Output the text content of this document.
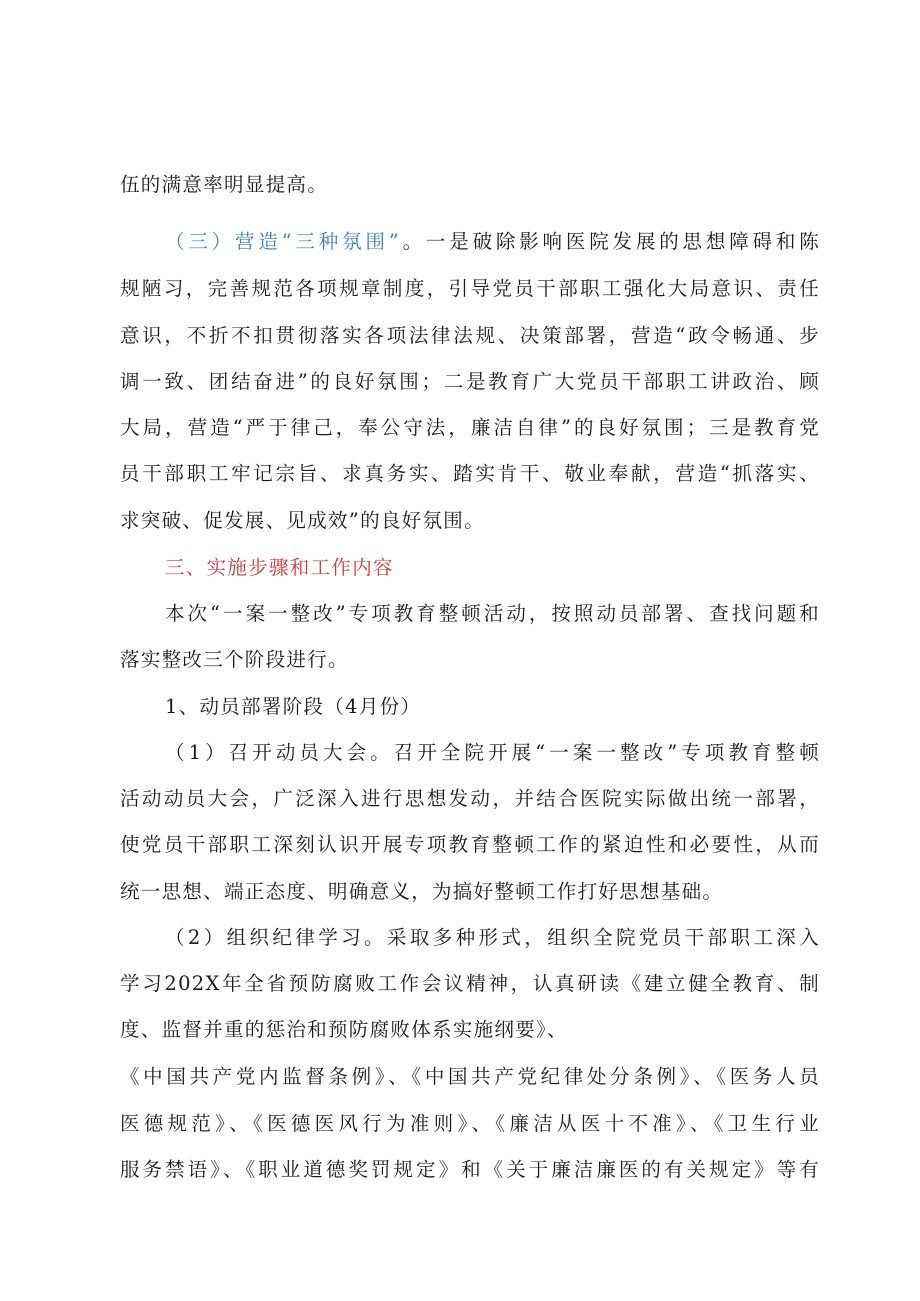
伍的满意率明显提高。
（三）营造“三种氛围”。一是破除影响医院发展的思想障碍和陈
规陋习，完善规范各项规章制度，引导党员干部职工强化大局意识、责任
意识，不折不扣贯彻落实各项法律法规、决策部署，营造“政令畅通、步
调一致、团结奋进”的良好氛围；二是教育广大党员干部职工讲政治、顾
大局，营造“严于律己，奉公守法，廉洁自律”的良好氛围；三是教育党
员干部职工牢记宗旨、求真务实、踏实肯干、敬业奉献，营造“抓落实、
求突破、促发展、见成效”的良好氛围。
三、实施步骤和工作内容
本次“一案一整改”专项教育整顿活动，按照动员部署、查找问题和
落实整改三个阶段进行。
1、动员部署阶段（4月份）
（1）召开动员大会。召开全院开展“一案一整改”专项教育整顿
活动动员大会，广泛深入进行思想发动，并结合医院实际做出统一部署，
使党员干部职工深刻认识开展专项教育整顿工作的紧迫性和必要性，从而
统一思想、端正态度、明确意义，为搞好整顿工作打好思想基础。
（2）组织纪律学习。采取多种形式，组织全院党员干部职工深入
学习202X年全省预防腐败工作会议精神，认真研读《建立健全教育、制
度、监督并重的惩治和预防腐败体系实施纲要》、
《中国共产党内监督条例》、《中国共产党纪律处分条例》、《医务人员
医德规范》、《医德医风行为准则》、《廉洁从医十不准》、《卫生行业
服务禁语》、《职业道德奖罚规定》和《关于廉洁廉医的有关规定》等有
